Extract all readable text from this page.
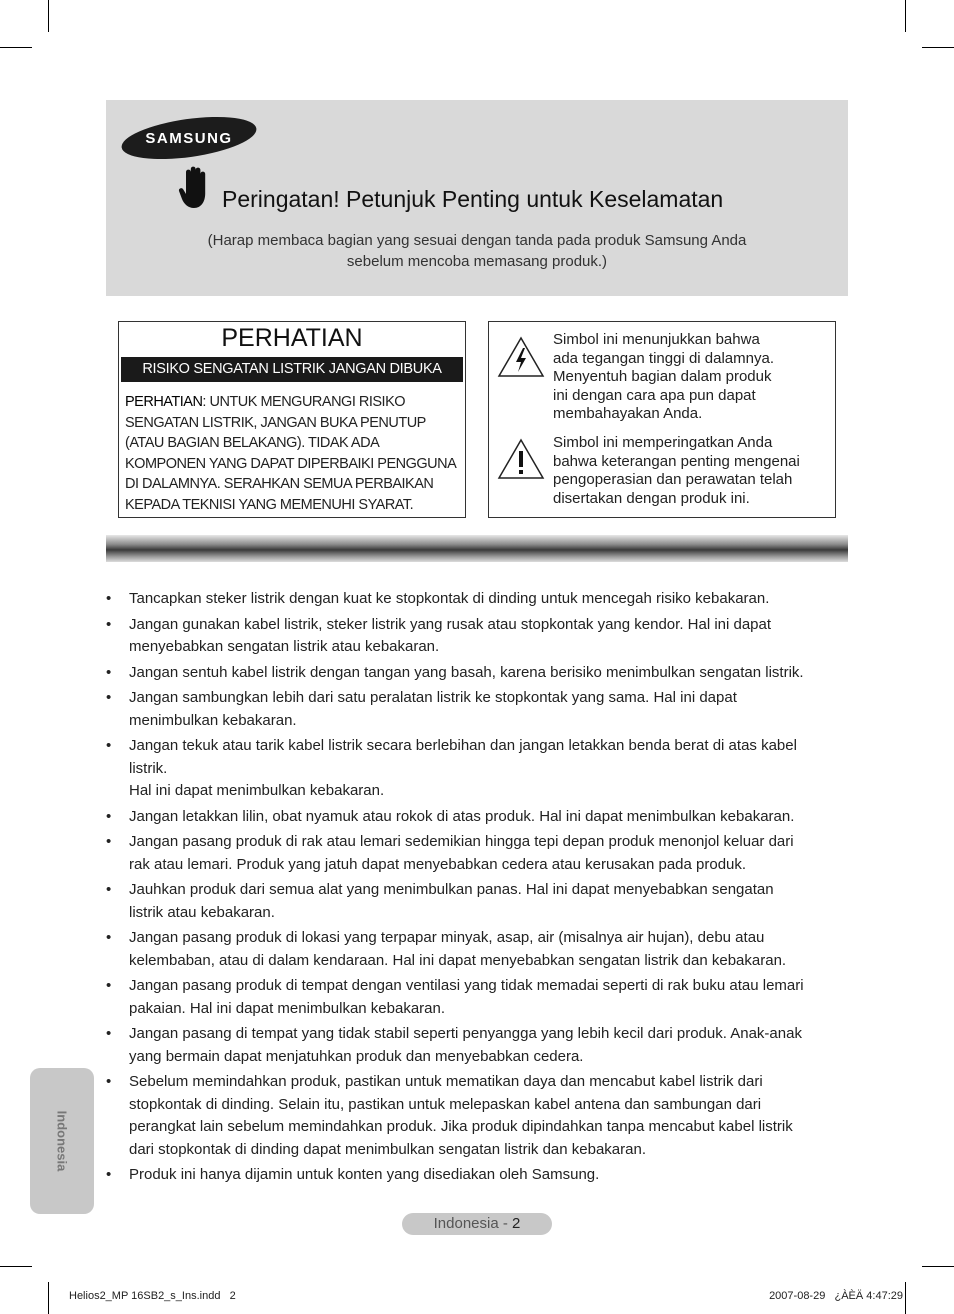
SAMSUNG
Peringatan! Petunjuk Penting untuk Keselamatan
(Harap membaca bagian yang sesuai dengan tanda pada produk Samsung Anda
sebelum mencoba memasang produk.)
PERHATIAN
RISIKO SENGATAN LISTRIK JANGAN DIBUKA
PERHATIAN: UNTUK MENGURANGI RISIKO
SENGATAN LISTRIK, JANGAN BUKA PENUTUP
(ATAU BAGIAN BELAKANG). TIDAK ADA
KOMPONEN YANG DAPAT DIPERBAIKI PENGGUNA
DI DALAMNYA. SERAHKAN SEMUA PERBAIKAN
KEPADA TEKNISI YANG MEMENUHI SYARAT.
Simbol ini menunjukkan bahwa
ada tegangan tinggi di dalamnya.
Menyentuh bagian dalam produk
ini dengan cara apa pun dapat
membahayakan Anda.
Simbol ini memperingatkan Anda
bahwa keterangan penting mengenai
pengoperasian dan perawatan telah
disertakan dengan produk ini.
• Tancapkan steker listrik dengan kuat ke stopkontak di dinding untuk mencegah risiko kebakaran.
• Jangan gunakan kabel listrik, steker listrik yang rusak atau stopkontak yang kendor. Hal ini dapat
menyebabkan sengatan listrik atau kebakaran.
• Jangan sentuh kabel listrik dengan tangan yang basah, karena berisiko menimbulkan sengatan listrik.
• Jangan sambungkan lebih dari satu peralatan listrik ke stopkontak yang sama. Hal ini dapat
menimbulkan kebakaran.
• Jangan tekuk atau tarik kabel listrik secara berlebihan dan jangan letakkan benda berat di atas kabel
listrik.
Hal ini dapat menimbulkan kebakaran.
• Jangan letakkan lilin, obat nyamuk atau rokok di atas produk. Hal ini dapat menimbulkan kebakaran.
• Jangan pasang produk di rak atau lemari sedemikian hingga tepi depan produk menonjol keluar dari
rak atau lemari. Produk yang jatuh dapat menyebabkan cedera atau kerusakan pada produk.
• Jauhkan produk dari semua alat yang menimbulkan panas. Hal ini dapat menyebabkan sengatan
listrik atau kebakaran.
• Jangan pasang produk di lokasi yang terpapar minyak, asap, air (misalnya air hujan), debu atau
kelembaban, atau di dalam kendaraan. Hal ini dapat menyebabkan sengatan listrik dan kebakaran.
• Jangan pasang produk di tempat dengan ventilasi yang tidak memadai seperti di rak buku atau lemari
pakaian. Hal ini dapat menimbulkan kebakaran.
• Jangan pasang di tempat yang tidak stabil seperti penyangga yang lebih kecil dari produk. Anak-anak
yang bermain dapat menjatuhkan produk dan menyebabkan cedera.
• Sebelum memindahkan produk, pastikan untuk mematikan daya dan mencabut kabel listrik dari
stopkontak di dinding. Selain itu, pastikan untuk melepaskan kabel antena dan sambungan dari
perangkat lain sebelum memindahkan produk. Jika produk dipindahkan tanpa mencabut kabel listrik
dari stopkontak di dinding dapat menimbulkan sengatan listrik dan kebakaran.
• Produk ini hanya dijamin untuk konten yang disediakan oleh Samsung.
Indonesia
Indonesia - 2
Helios2_MP 16SB2_s_Ins.indd   2	2007-08-29   ¿ÀÈÄ 4:47:29
